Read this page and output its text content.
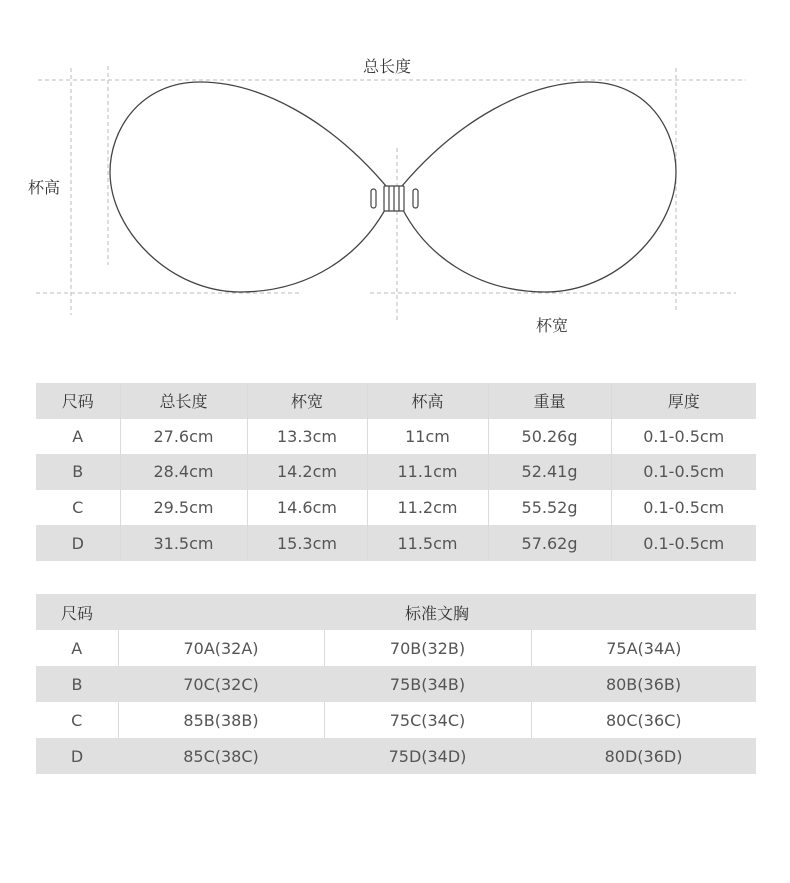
总长度
杯高
杯宽
尺码	总长度	杯宽	杯高	重量	厚度
A	27.6cm	13.3cm	11cm	50.26g	0.1-0.5cm
B	28.4cm	14.2cm	11.1cm	52.41g	0.1-0.5cm
C	29.5cm	14.6cm	11.2cm	55.52g	0.1-0.5cm
D	31.5cm	15.3cm	11.5cm	57.62g	0.1-0.5cm
尺码	标准文胸		
A	70A(32A)	70B(32B)	75A(34A)
B	70C(32C)	75B(34B)	80B(36B)
C	85B(38B)	75C(34C)	80C(36C)
D	85C(38C)	75D(34D)	80D(36D)
